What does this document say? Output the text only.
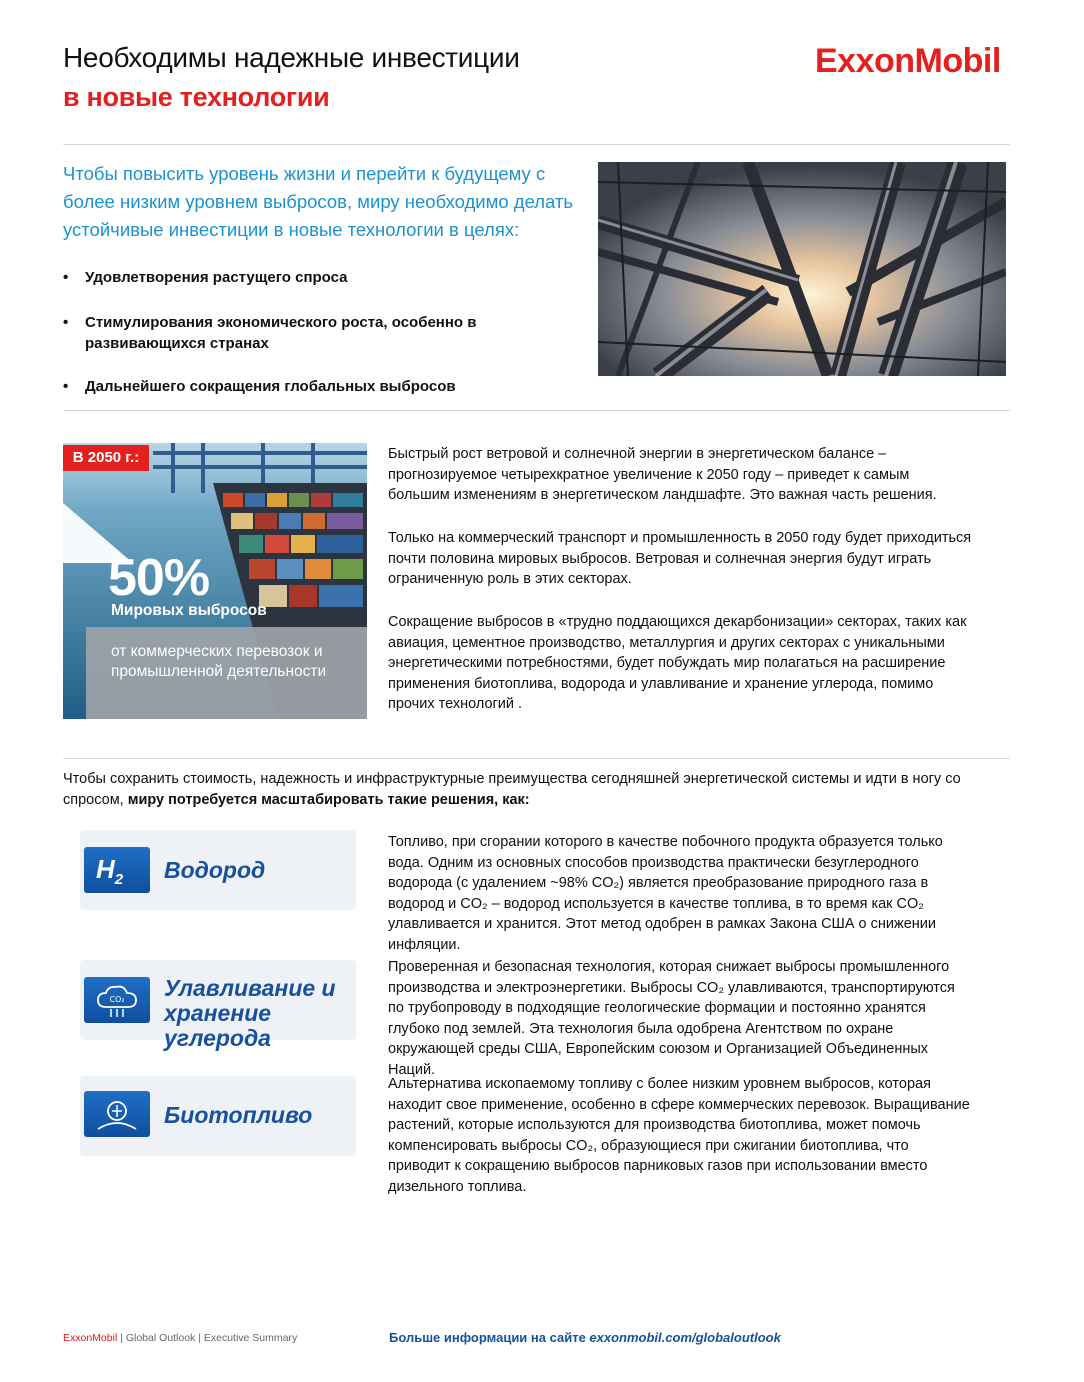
Необходимы надежные инвестиции
в новые технологии
ExxonMobil
Чтобы повысить уровень жизни и перейти к будущему с более низким уровнем выбросов, миру необходимо делать устойчивые инвестиции в новые технологии в целях:
• Удовлетворения растущего спроса
• Стимулирования экономического роста, особенно в развивающихся странах
• Дальнейшего сокращения глобальных выбросов
В 2050 г.:
50%
Мировых выбросов
от коммерческих перевозок и промышленной деятельности
Быстрый рост ветровой и солнечной энергии в энергетическом балансе – прогнозируемое четырехкратное увеличение к 2050 году – приведет к самым большим изменениям в энергетическом ландшафте. Это важная часть решения.
Только на коммерческий транспорт и промышленность в 2050 году будет приходиться почти половина мировых выбросов. Ветровая и солнечная энергия будут играть ограниченную роль в этих секторах.
Сокращение выбросов в «трудно поддающихся декарбонизации» секторах, таких как авиация, цементное производство, металлургия и других секторах с уникальными энергетическими потребностями, будет побуждать мир полагаться на расширение применения биотоплива, водорода и улавливание и хранение углерода, помимо прочих технологий .
Чтобы сохранить стоимость, надежность и инфраструктурные преимущества сегодняшней энергетической системы и идти в ногу со спросом, миру потребуется масштабировать такие решения, как:
$H_2$	Водород
CO₂ Улавливание и хранение углерода
Биотопливо
Топливо, при сгорании которого в качестве побочного продукта образуется только вода. Одним из основных способов производства практически безуглеродного водорода (с удалением ~98% CO₂) является преобразование природного газа в водород и CO₂ – водород используется в качестве топлива, в то время как CO₂ улавливается и хранится. Этот метод одобрен в рамках Закона США о снижении инфляции.
Проверенная и безопасная технология, которая снижает выбросы промышленного производства и электроэнергетики. Выбросы CO₂ улавливаются, транспортируются по трубопроводу в подходящие геологические формации и постоянно хранятся глубоко под землей. Эта технология была одобрена Агентством по охране окружающей среды США, Европейским союзом и Организацией Объединенных Наций.
Альтернатива ископаемому топливу с более низким уровнем выбросов, которая находит свое применение, особенно в сфере коммерческих перевозок. Выращивание растений, которые используются для производства биотоплива, может помочь компенсировать выбросы CO₂, образующиеся при сжигании биотоплива, что приводит к сокращению выбросов парниковых газов при использовании вместо дизельного топлива.
ExxonMobil | Global Outlook | Executive Summary	Больше информации на сайте exxonmobil.com/globaloutlook
